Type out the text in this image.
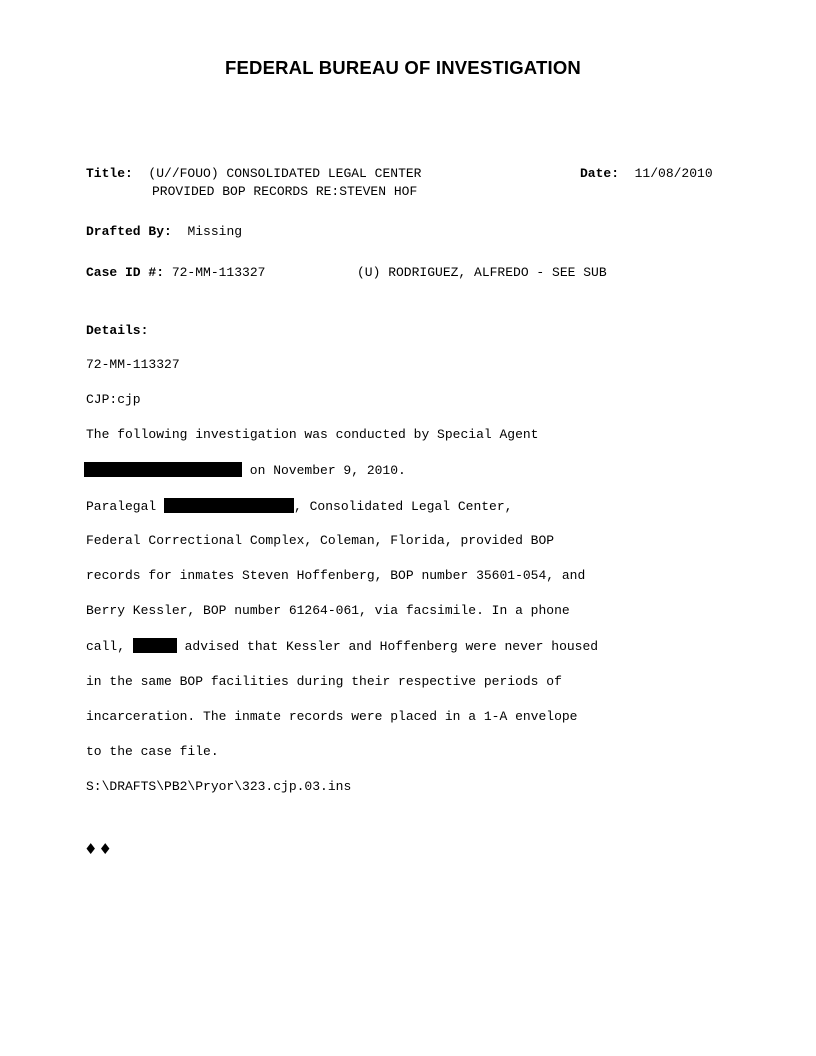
FEDERAL BUREAU OF INVESTIGATION
Title: (U//FOUO) CONSOLIDATED LEGAL CENTER
PROVIDED BOP RECORDS RE:STEVEN HOF
Date: 11/08/2010
Drafted By: Missing
Case ID #: 72-MM-113327	(U) RODRIGUEZ, ALFREDO - SEE SUB
Details:
72-MM-113327
CJP:cjp
The following investigation was conducted by Special Agent
on November 9, 2010.
Paralegal	, Consolidated Legal Center,
Federal Correctional Complex, Coleman, Florida, provided BOP
records for inmates Steven Hoffenberg, BOP number 35601-054, and
Berry Kessler, BOP number 61264-061, via facsimile. In a phone
call,	advised that Kessler and Hoffenberg were never housed
in the same BOP facilities during their respective periods of
incarceration. The inmate records were placed in a 1-A envelope
to the case file.
S:\DRAFTS\PB2\Pryor\323.cjp.03.ins
♦♦
